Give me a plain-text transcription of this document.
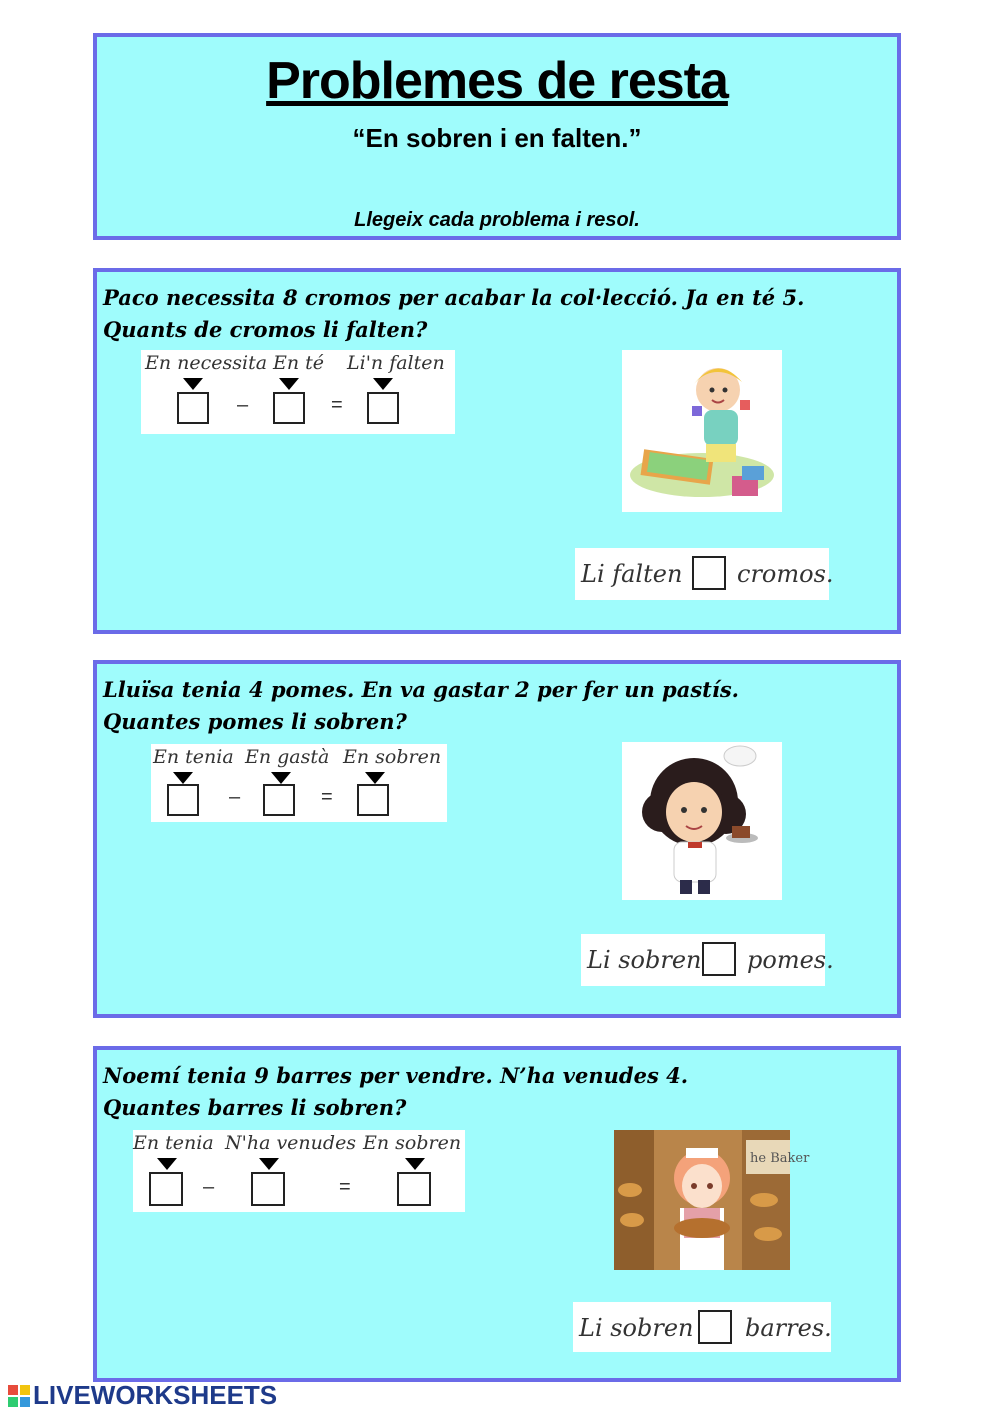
Problemes de resta
“En sobren i en falten.”
Llegeix cada problema i resol.
Paco necessita 8 cromos per acabar la col·lecció. Ja en té 5.
Quants de cromos li falten?
En necessita En té Li'n falten
–	=
Li falten cromos.
Lluïsa tenia 4 pomes. En va gastar 2 per fer un pastís.
Quantes pomes li sobren?
En tenia En gastà En sobren
–	=
Li sobren pomes.
Noemí tenia 9 barres per vendre. N’ha venudes 4.
Quantes barres li sobren?
En tenia N'ha venudes En sobren
–	=
he Baker
Li sobren barres.
LIVEWORKSHEETS
